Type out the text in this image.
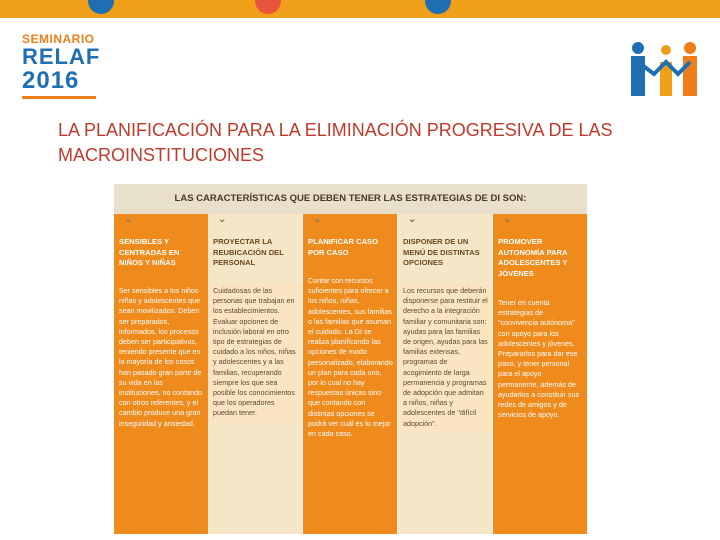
SEMINARIO
RELAF
2016
LA PLANIFICACIÓN PARA LA ELIMINACIÓN PROGRESIVA DE LAS MACROINSTITUCIONES
LAS CARACTERÍSTICAS QUE DEBEN TENER LAS ESTRATEGIAS DE DI SON:
⌄
SENSIBLES Y CENTRADAS EN NIÑOS Y NIÑAS
Ser sensibles a los niños niñas y adolescentes que sean movilizados. Deben ser preparados, informados, los procesos deben ser participativos, teniendo presente que en la mayoría de los casos han pasado gran parte de su vida en las instituciones, no contando con otros referentes, y el cambio produce una gran inseguridad y ansiedad.
⌄
PROYECTAR LA REUBICACIÓN DEL PERSONAL
Cuidadosas de las personas que trabajan en los establecimientos. Evaluar opciones de inclusión laboral en otro tipo de estrategias de cuidado a los niños, niñas y adolescentes y a las familias, recuperando siempre los que sea posible los conocimientos que los operadores puedan tener.
⌄
PLANIFICAR CASO POR CASO
Contar con recursos suficientes para ofrecer a los niños, niñas, adolescentes, sus familias o las familias que asuman el cuidado. La DI se realiza planificando las opciones de modo personalizado, elaborando un plan para cada uno, por lo cual no hay respuestas únicas sino que contando con distintas opciones se podrá ver cuál es lo mejor en cada caso.
⌄
DISPONER DE UN MENÚ DE DISTINTAS OPCIONES
Los recursos que deberán disponerse para restituir el derecho a la integración familiar y comunitaria son: ayudas para las familias de origen, ayudas para las familias extensas, programas de acogimiento de larga permanencia y programas de adopción que admitan a niños, niñas y adolescentes de "difícil adopción".
⌄
PROMOVER AUTONOMÍA PARA ADOLESCENTES Y JÓVENES
Tener en cuenta estrategias de "convivencia autónoma" con apoyo para los adolescentes y jóvenes. Prepararlos para dar ese paso, y tener personal para el apoyo permanente, además de ayudarlos a constituir sus redes de amigos y de servicios de apoyo.
